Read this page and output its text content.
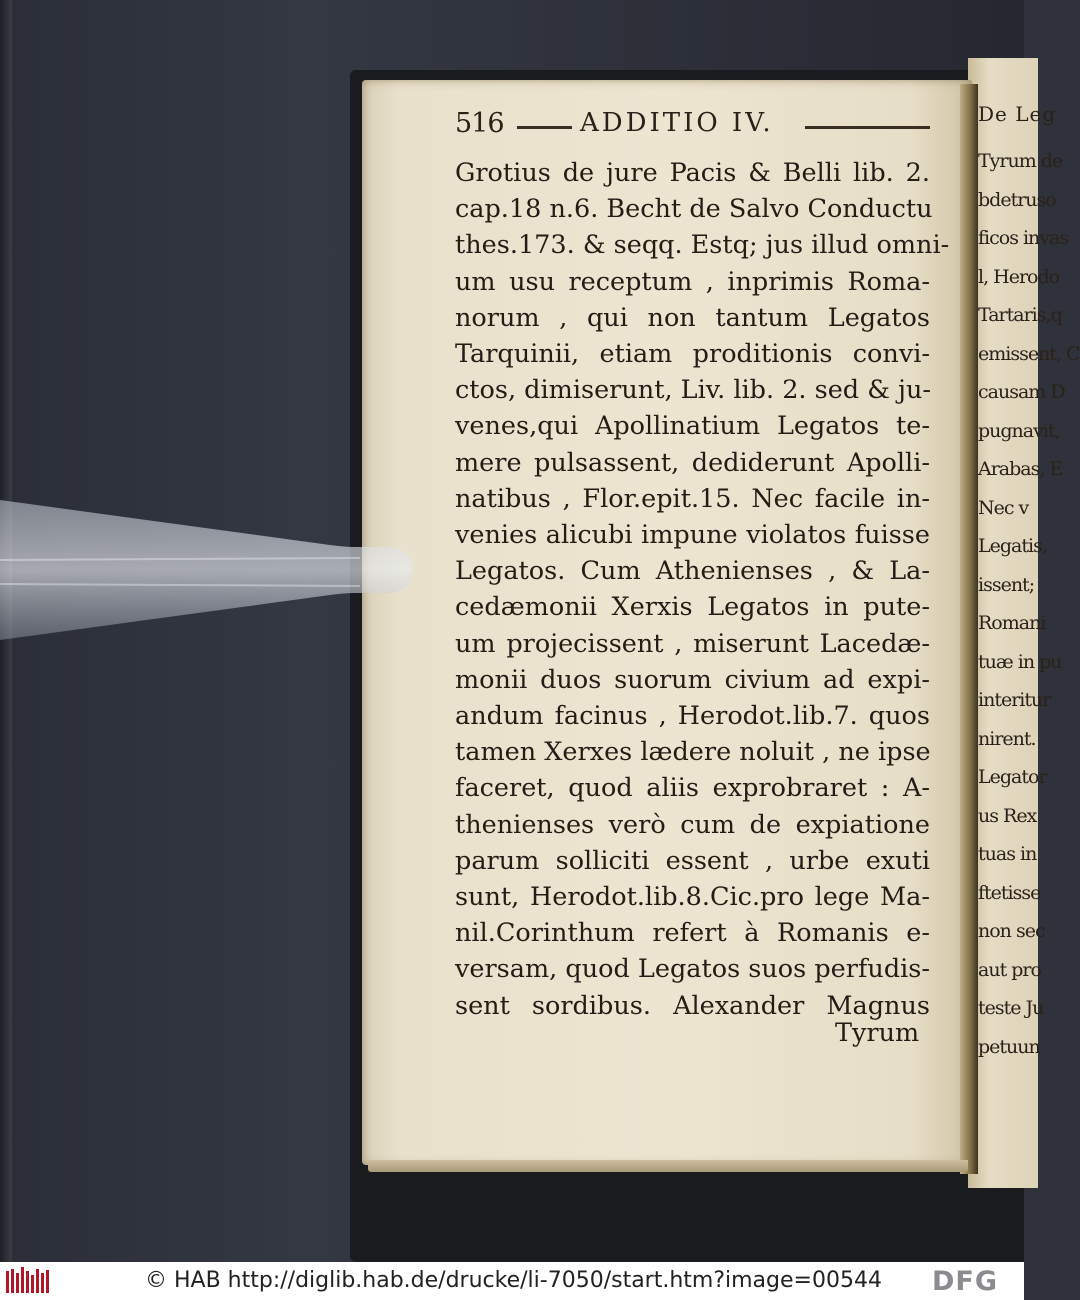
De Leg
Tyrum de
bdetruso
ficos invas
l, Herodo
Tartaris,q
emissent, C
causam D
pugnavit,
Arabas, E
Nec v
Legatis,
issent;
Romani
tuæ in pu
interitur
nirent.
Legator
us Rex
tuas in
ftetisse
non sec
aut pro
teste Ju
petuun
516	ADDITIO IV.
Grotius de jure Pacis & Belli lib. 2.
cap.18 n.6. Becht de Salvo Conductu
thes.173. & seqq. Estq; jus illud omni-
um usu receptum , inprimis Roma-
norum , qui non tantum Legatos
Tarquinii, etiam proditionis convi-
ctos, dimiserunt, Liv. lib. 2. sed & ju-
venes,qui Apollinatium Legatos te-
mere pulsassent, dediderunt Apolli-
natibus , Flor.epit.15. Nec facile in-
venies alicubi impune violatos fuisse
Legatos. Cum Athenienses , & La-
cedæmonii Xerxis Legatos in pute-
um projecissent , miserunt Lacedæ-
monii duos suorum civium ad expi-
andum facinus , Herodot.lib.7. quos
tamen Xerxes lædere noluit , ne ipse
faceret, quod aliis exprobraret : A-
thenienses verò cum de expiatione
parum solliciti essent , urbe exuti
sunt, Herodot.lib.8.Cic.pro lege Ma-
nil.Corinthum refert à Romanis e-
versam, quod Legatos suos perfudis-
sent sordibus. Alexander Magnus
Tyrum
© HAB http://diglib.hab.de/drucke/li-7050/start.htm?image=00544 DFG
